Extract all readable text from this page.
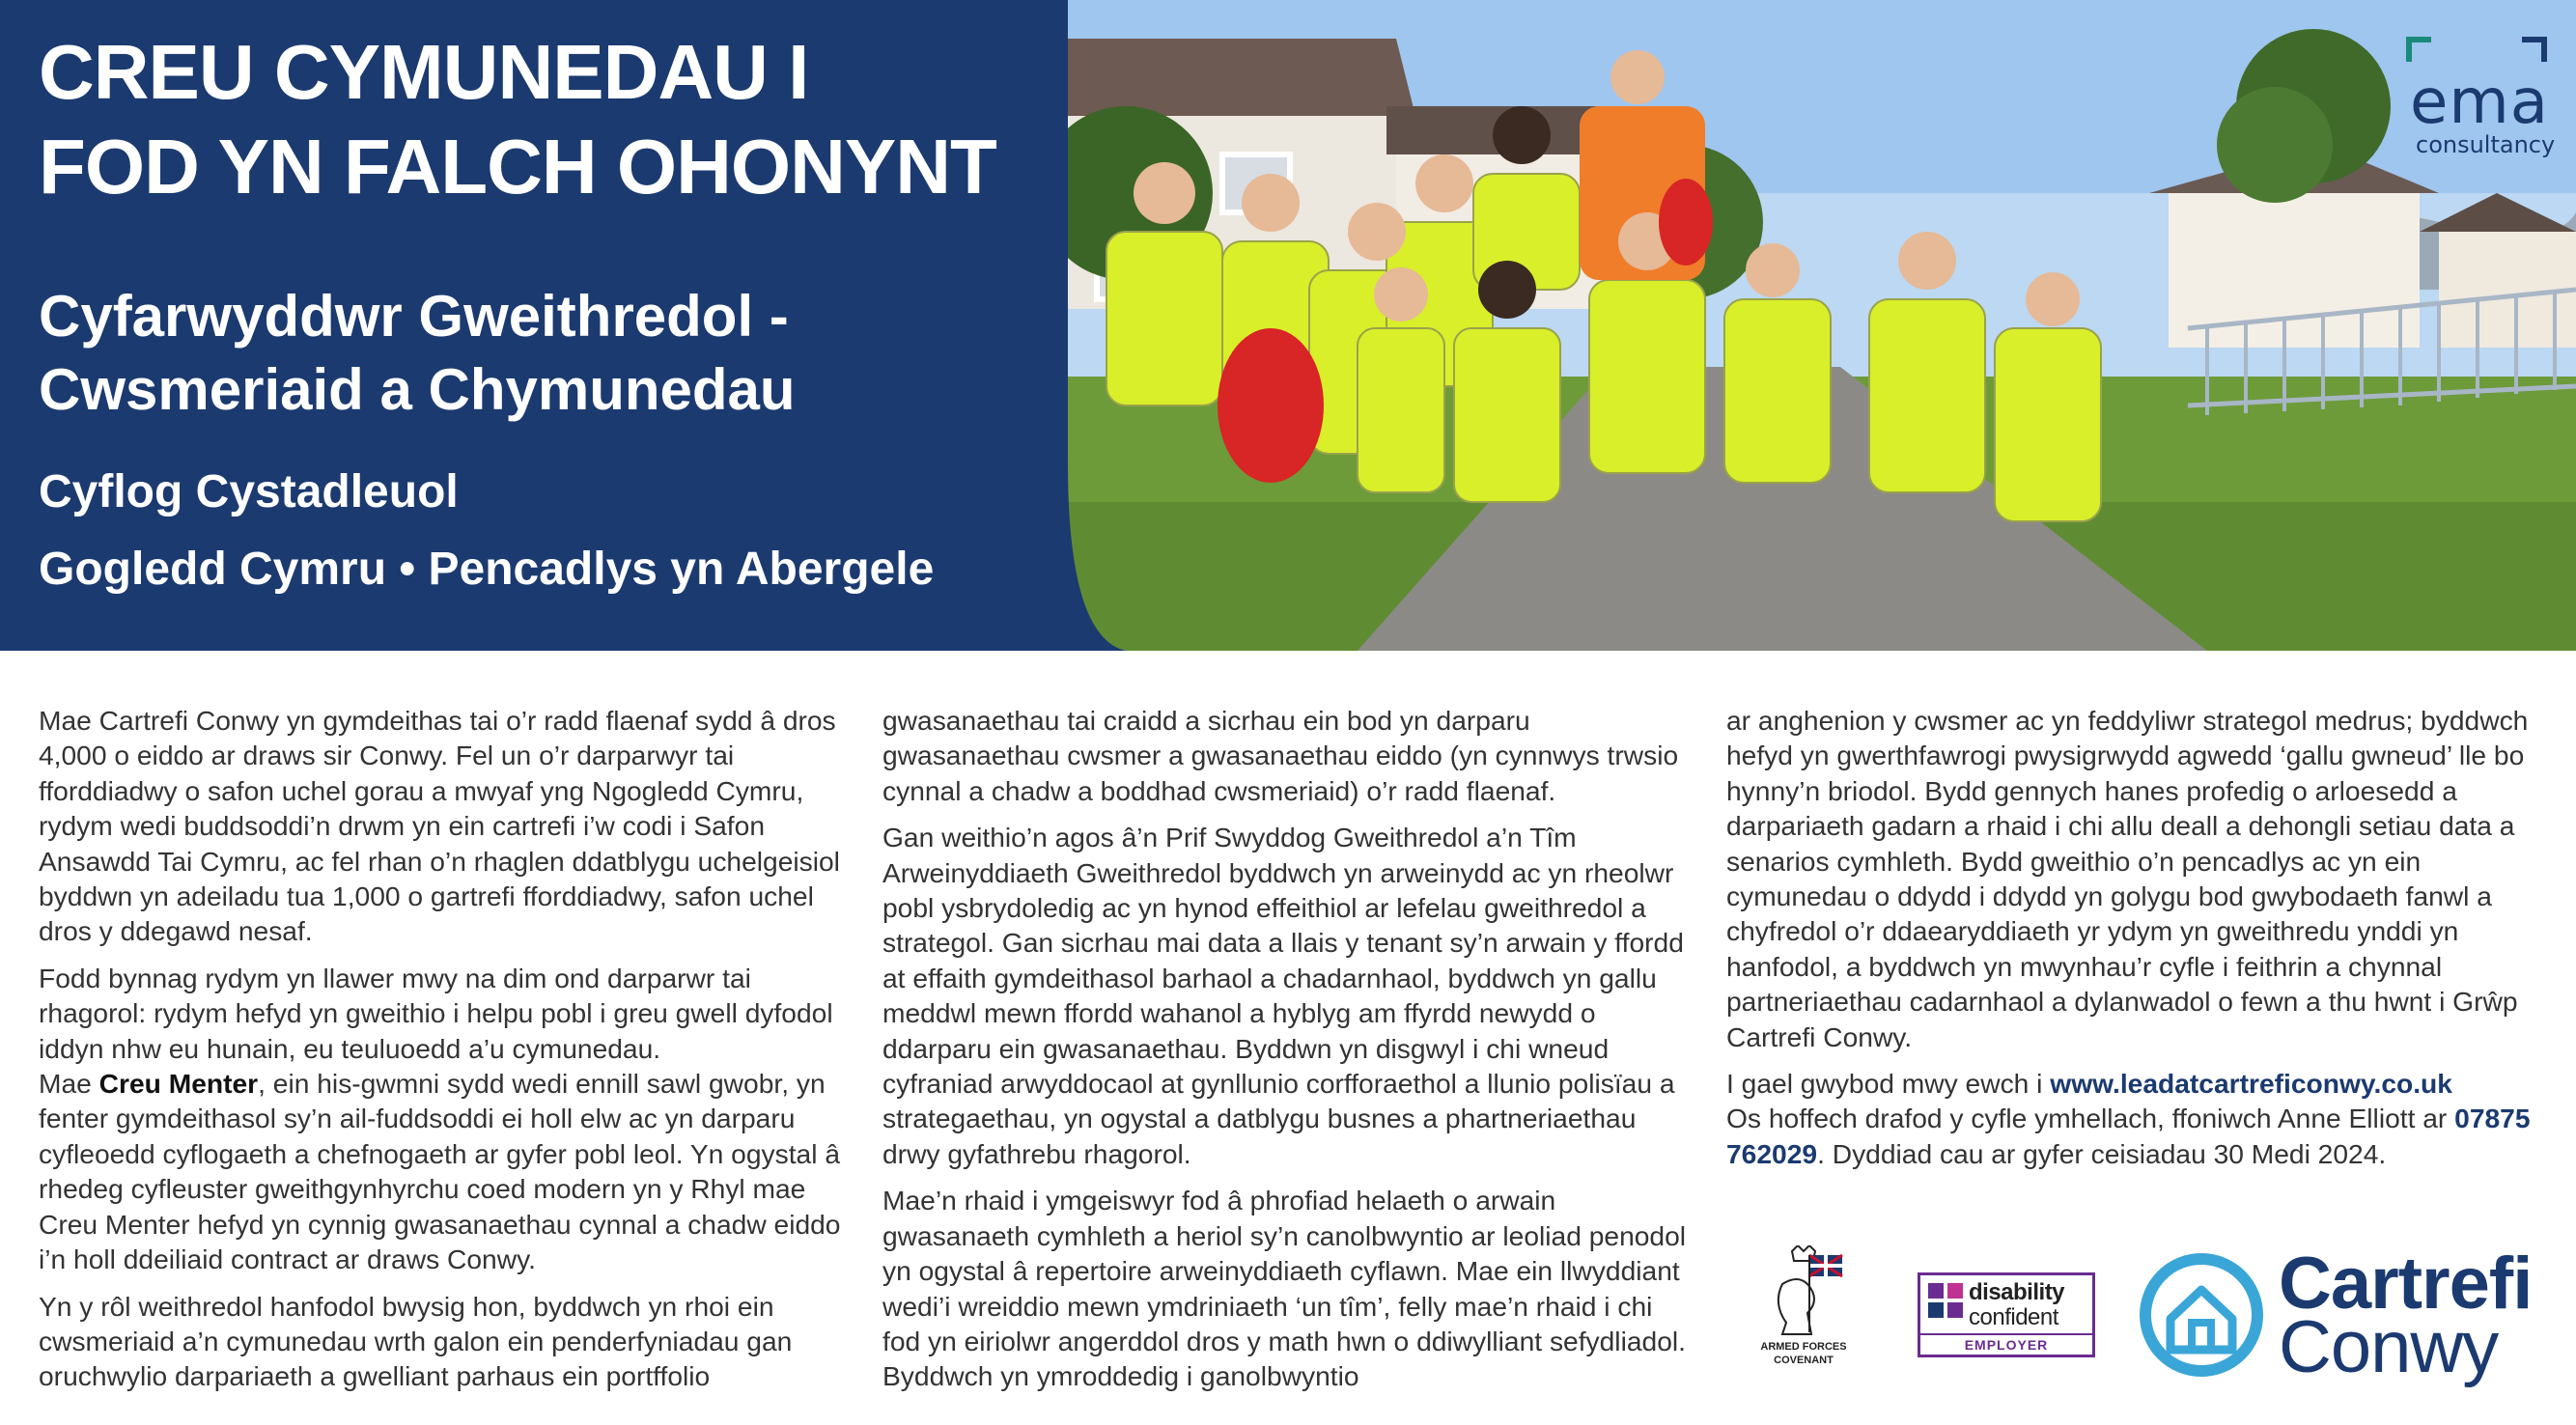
CREU CYMUNEDAU I
FOD YN FALCH OHONYNT
Cyfarwyddwr Gweithredol -
Cwsmeriaid a Chymunedau
Cyflog Cystadleuol
Gogledd Cymru • Pencadlys yn Abergele
ema
consultancy

Mae Cartrefi Conwy yn gymdeithas tai o’r radd flaenaf sydd â dros 4,000 o eiddo ar draws sir Conwy. Fel un o’r darparwyr tai fforddiadwy o safon uchel gorau a mwyaf yng Ngogledd Cymru, rydym wedi buddsoddi’n drwm yn ein cartrefi i’w codi i Safon Ansawdd Tai Cymru, ac fel rhan o’n rhaglen ddatblygu uchelgeisiol byddwn yn adeiladu tua 1,000 o gartrefi fforddiadwy, safon uchel dros y ddegawd nesaf.

Fodd bynnag rydym yn llawer mwy na dim ond darparwr tai rhagorol: rydym hefyd yn gweithio i helpu pobl i greu gwell dyfodol iddyn nhw eu hunain, eu teuluoedd a’u cymunedau.
Mae Creu Menter, ein his-gwmni sydd wedi ennill sawl gwobr, yn fenter gymdeithasol sy’n ail-fuddsoddi ei holl elw ac yn darparu cyfleoedd cyflogaeth a chefnogaeth ar gyfer pobl leol. Yn ogystal â rhedeg cyfleuster gweithgynhyrchu coed modern yn y Rhyl mae Creu Menter hefyd yn cynnig gwasanaethau cynnal a chadw eiddo i’n holl ddeiliaid contract ar draws Conwy.

Yn y rôl weithredol hanfodol bwysig hon, byddwch yn rhoi ein cwsmeriaid a’n cymunedau wrth galon ein penderfyniadau gan oruchwylio darpariaeth a gwelliant parhaus ein portffolio

gwasanaethau tai craidd a sicrhau ein bod yn darparu gwasanaethau cwsmer a gwasanaethau eiddo (yn cynnwys trwsio cynnal a chadw a boddhad cwsmeriaid) o’r radd flaenaf.

Gan weithio’n agos â’n Prif Swyddog Gweithredol a’n Tîm Arweinyddiaeth Gweithredol byddwch yn arweinydd ac yn rheolwr pobl ysbrydoledig ac yn hynod effeithiol ar lefelau gweithredol a strategol. Gan sicrhau mai data a llais y tenant sy’n arwain y ffordd at effaith gymdeithasol barhaol a chadarnhaol, byddwch yn gallu meddwl mewn ffordd wahanol a hyblyg am ffyrdd newydd o ddarparu ein gwasanaethau. Byddwn yn disgwyl i chi wneud cyfraniad arwyddocaol at gynllunio corfforaethol a llunio polisïau a strategaethau, yn ogystal a datblygu busnes a phartneriaethau drwy gyfathrebu rhagorol.

Mae’n rhaid i ymgeiswyr fod â phrofiad helaeth o arwain gwasanaeth cymhleth a heriol sy’n canolbwyntio ar leoliad penodol yn ogystal â repertoire arweinyddiaeth cyflawn. Mae ein llwyddiant wedi’i wreiddio mewn ymdriniaeth ‘un tîm’, felly mae’n rhaid i chi fod yn eiriolwr angerddol dros y math hwn o ddiwylliant sefydliadol. Byddwch yn ymroddedig i ganolbwyntio

ar anghenion y cwsmer ac yn feddyliwr strategol medrus; byddwch hefyd yn gwerthfawrogi pwysigrwydd agwedd ‘gallu gwneud’ lle bo hynny’n briodol. Bydd gennych hanes profedig o arloesedd a darpariaeth gadarn a rhaid i chi allu deall a dehongli setiau data a senarios cymhleth. Bydd gweithio o’n pencadlys ac yn ein cymunedau o ddydd i ddydd yn golygu bod gwybodaeth fanwl a chyfredol o’r ddaearyddiaeth yr ydym yn gweithredu ynddi yn hanfodol, a byddwch yn mwynhau’r cyfle i feithrin a chynnal partneriaethau cadarnhaol a dylanwadol o fewn a thu hwnt i Grŵp Cartrefi Conwy.

I gael gwybod mwy ewch i www.leadatcartreficonwy.co.uk

Os hoffech drafod y cyfle ymhellach, ffoniwch Anne Elliott ar 07875 762029. Dyddiad cau ar gyfer ceisiadau 30 Medi 2024.

ARMED FORCES
COVENANT
disability
confident
EMPLOYER
Cartrefi
Conwy
